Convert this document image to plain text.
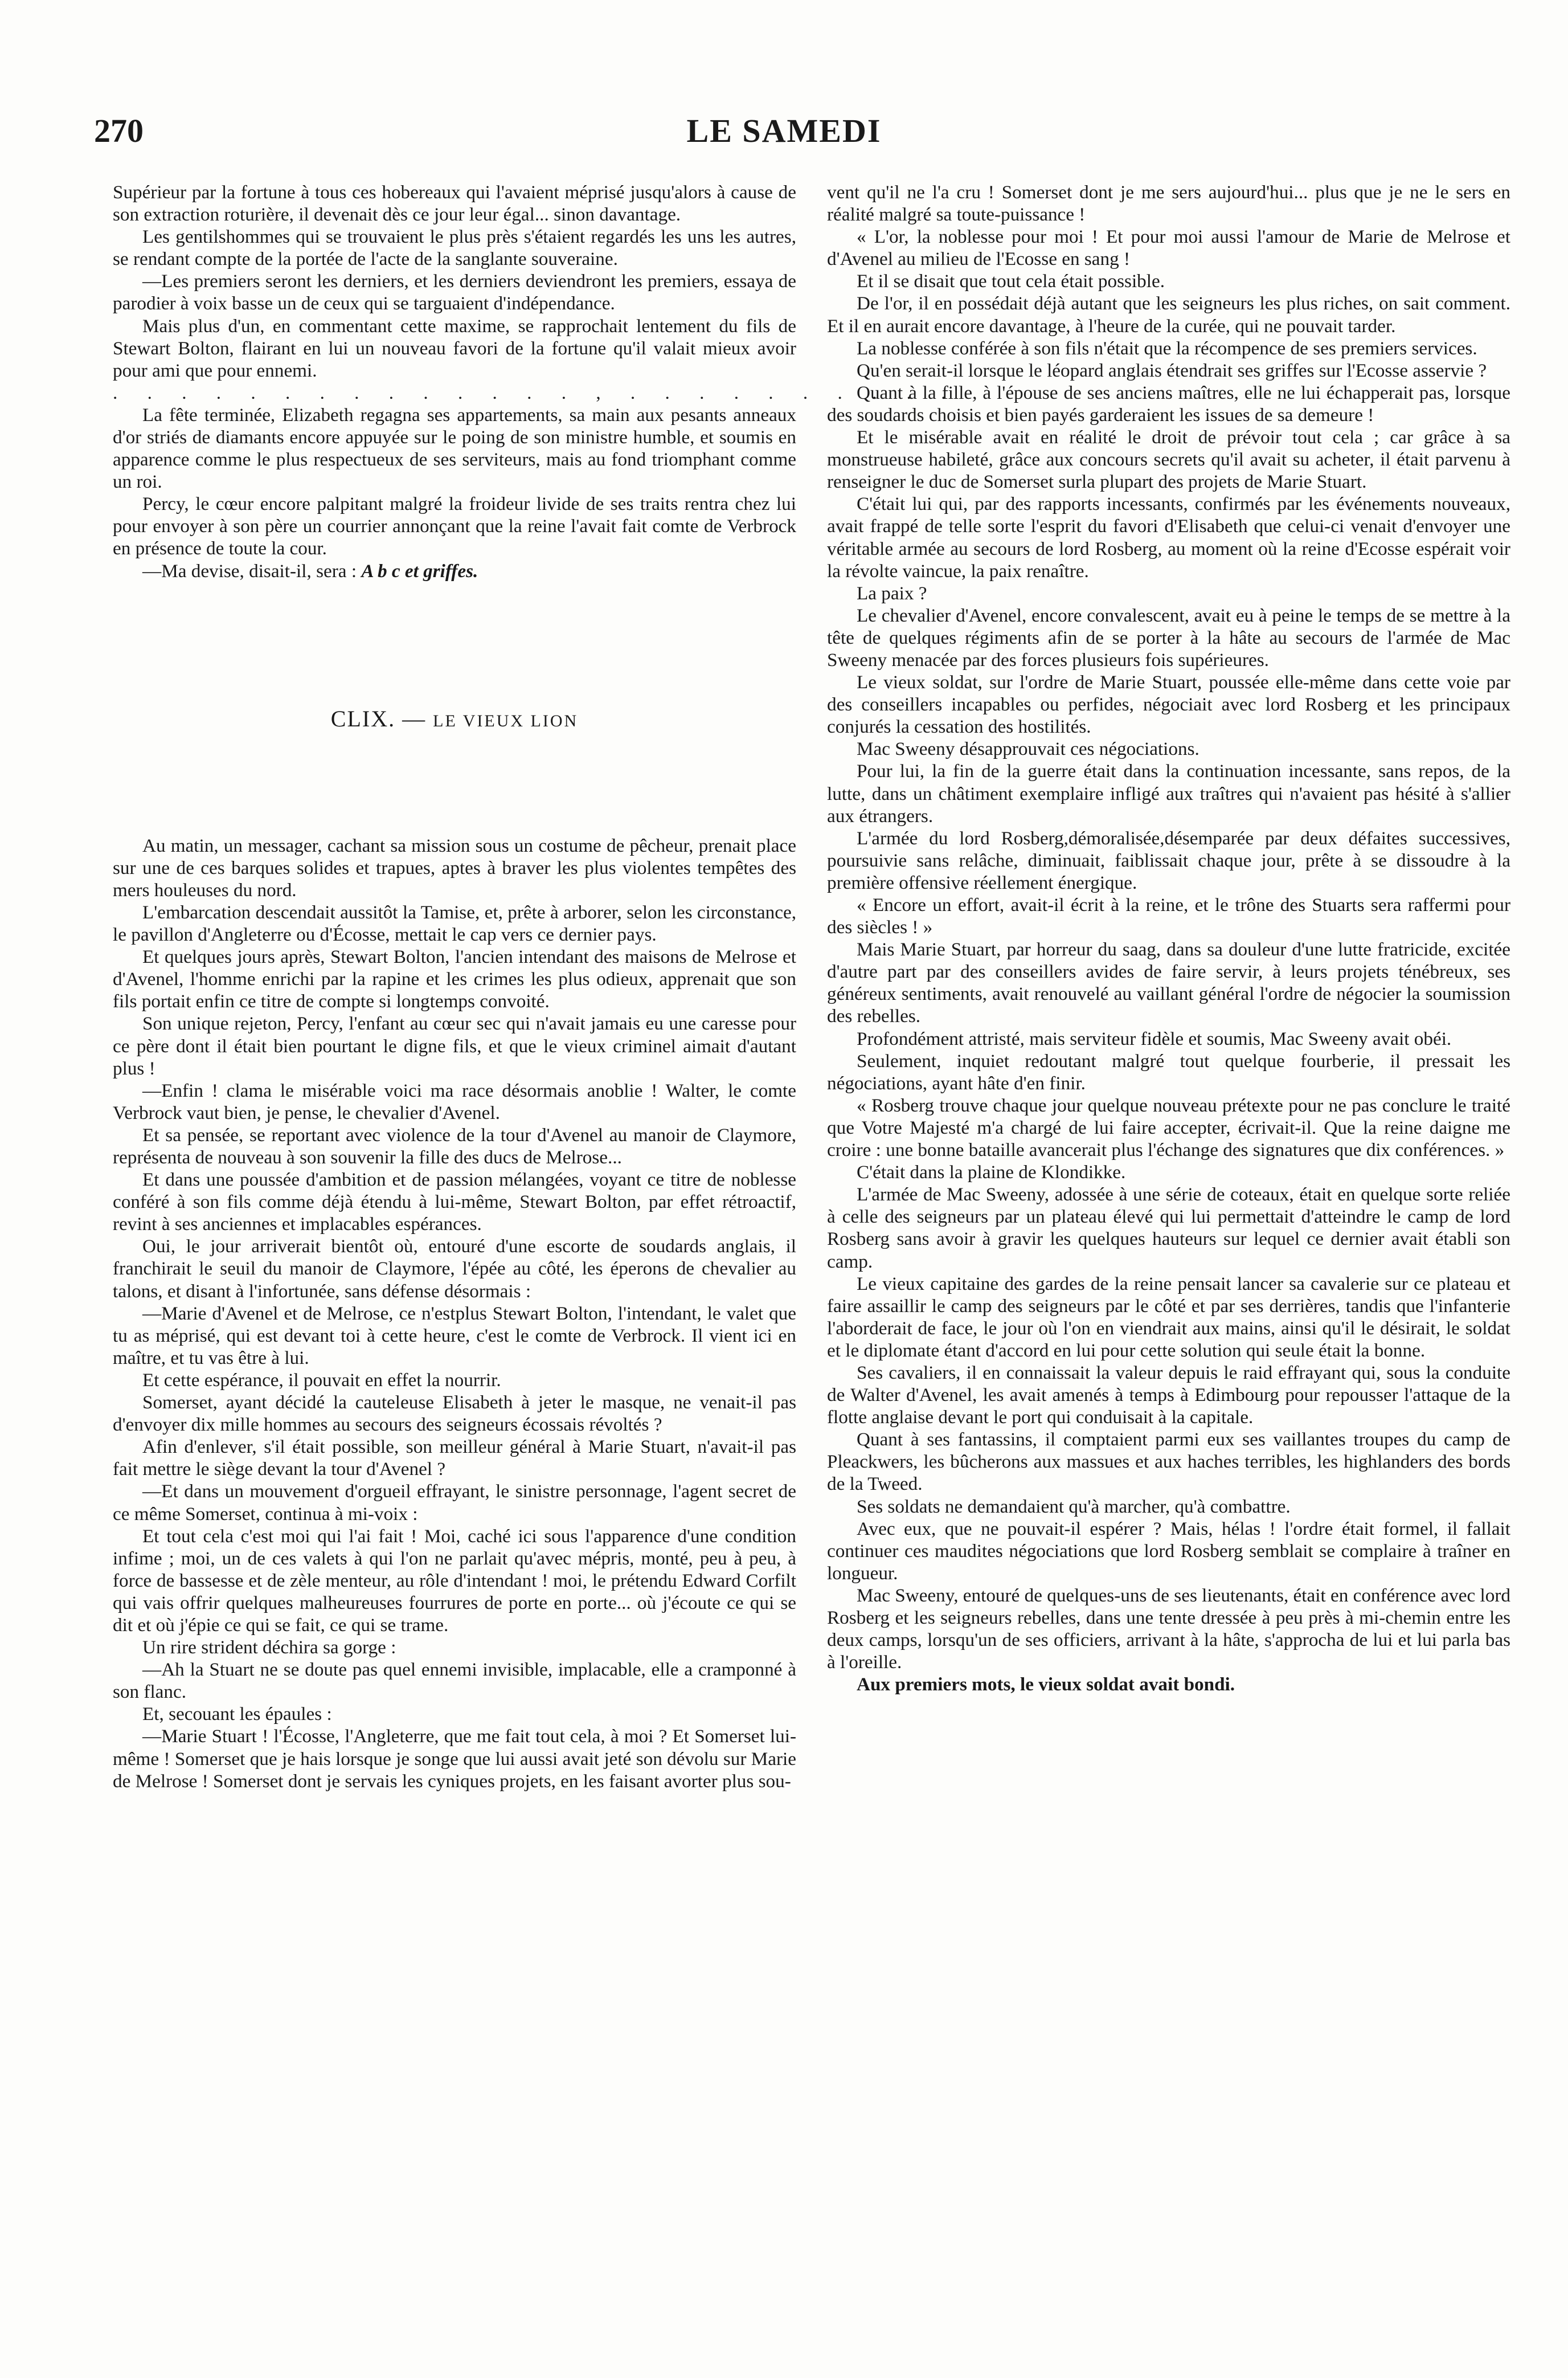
270	LE SAMEDI

Supérieur par la fortune à tous ces hobereaux qui l'avaient méprisé jusqu'alors à cause de son extraction roturière, il devenait dès ce jour leur égal... sinon davantage.

Les gentilshommes qui se trouvaient le plus près s'étaient regardés les uns les autres, se rendant compte de la portée de l'acte de la sanglante souveraine.

—Les premiers seront les derniers, et les derniers deviendront les premiers, essaya de parodier à voix basse un de ceux qui se targuaient d'indépendance.

Mais plus d'un, en commentant cette maxime, se rapprochait lentement du fils de Stewart Bolton, flairant en lui un nouveau favori de la fortune qu'il valait mieux avoir pour ami que pour ennemi.

. . . . . . . . . . . . . . , . . . . . . . . . .

La fête terminée, Elizabeth regagna ses appartements, sa main aux pesants anneaux d'or striés de diamants encore appuyée sur le poing de son ministre humble, et soumis en apparence comme le plus respectueux de ses serviteurs, mais au fond triomphant comme un roi.

Percy, le cœur encore palpitant malgré la froideur livide de ses traits rentra chez lui pour envoyer à son père un courrier annonçant que la reine l'avait fait comte de Verbrock en présence de toute la cour.

—Ma devise, disait-il, sera : A b c et griffes.

CLIX. — LE VIEUX LION

Au matin, un messager, cachant sa mission sous un costume de pêcheur, prenait place sur une de ces barques solides et trapues, aptes à braver les plus violentes tempêtes des mers houleuses du nord.

L'embarcation descendait aussitôt la Tamise, et, prête à arborer, selon les circonstance, le pavillon d'Angleterre ou d'Écosse, mettait le cap vers ce dernier pays.

Et quelques jours après, Stewart Bolton, l'ancien intendant des maisons de Melrose et d'Avenel, l'homme enrichi par la rapine et les crimes les plus odieux, apprenait que son fils portait enfin ce titre de compte si longtemps convoité.

Son unique rejeton, Percy, l'enfant au cœur sec qui n'avait jamais eu une caresse pour ce père dont il était bien pourtant le digne fils, et que le vieux criminel aimait d'autant plus !

—Enfin ! clama le misérable voici ma race désormais anoblie ! Walter, le comte Verbrock vaut bien, je pense, le chevalier d'Avenel.

Et sa pensée, se reportant avec violence de la tour d'Avenel au manoir de Claymore, représenta de nouveau à son souvenir la fille des ducs de Melrose...

Et dans une poussée d'ambition et de passion mélangées, voyant ce titre de noblesse conféré à son fils comme déjà étendu à lui-même, Stewart Bolton, par effet rétroactif, revint à ses anciennes et implacables espérances.

Oui, le jour arriverait bientôt où, entouré d'une escorte de soudards anglais, il franchirait le seuil du manoir de Claymore, l'épée au côté, les éperons de chevalier au talons, et disant à l'infortunée, sans défense désormais :

—Marie d'Avenel et de Melrose, ce n'estplus Stewart Bolton, l'intendant, le valet que tu as méprisé, qui est devant toi à cette heure, c'est le comte de Verbrock. Il vient ici en maître, et tu vas être à lui.

Et cette espérance, il pouvait en effet la nourrir.

Somerset, ayant décidé la cauteleuse Elisabeth à jeter le masque, ne venait-il pas d'envoyer dix mille hommes au secours des seigneurs écossais révoltés ?

Afin d'enlever, s'il était possible, son meilleur général à Marie Stuart, n'avait-il pas fait mettre le siège devant la tour d'Avenel ?

—Et dans un mouvement d'orgueil effrayant, le sinistre personnage, l'agent secret de ce même Somerset, continua à mi-voix :

Et tout cela c'est moi qui l'ai fait ! Moi, caché ici sous l'apparence d'une condition infime ; moi, un de ces valets à qui l'on ne parlait qu'avec mépris, monté, peu à peu, à force de bassesse et de zèle menteur, au rôle d'intendant ! moi, le prétendu Edward Corfilt qui vais offrir quelques malheureuses fourrures de porte en porte... où j'écoute ce qui se dit et où j'épie ce qui se fait, ce qui se trame.

Un rire strident déchira sa gorge :

—Ah la Stuart ne se doute pas quel ennemi invisible, implacable, elle a cramponné à son flanc.

Et, secouant les épaules :

—Marie Stuart ! l'Écosse, l'Angleterre, que me fait tout cela, à moi ? Et Somerset lui-même ! Somerset que je hais lorsque je songe que lui aussi avait jeté son dévolu sur Marie de Melrose ! Somerset dont je servais les cyniques projets, en les faisant avorter plus sou-

vent qu'il ne l'a cru ! Somerset dont je me sers aujourd'hui... plus que je ne le sers en réalité malgré sa toute-puissance !

« L'or, la noblesse pour moi ! Et pour moi aussi l'amour de Marie de Melrose et d'Avenel au milieu de l'Ecosse en sang !

Et il se disait que tout cela était possible.

De l'or, il en possédait déjà autant que les seigneurs les plus riches, on sait comment. Et il en aurait encore davantage, à l'heure de la curée, qui ne pouvait tarder.

La noblesse conférée à son fils n'était que la récompence de ses premiers services.

Qu'en serait-il lorsque le léopard anglais étendrait ses griffes sur l'Ecosse asservie ?

Quant à la fille, à l'épouse de ses anciens maîtres, elle ne lui échapperait pas, lorsque des soudards choisis et bien payés garderaient les issues de sa demeure !

Et le misérable avait en réalité le droit de prévoir tout cela ; car grâce à sa monstrueuse habileté, grâce aux concours secrets qu'il avait su acheter, il était parvenu à renseigner le duc de Somerset surla plupart des projets de Marie Stuart.

C'était lui qui, par des rapports incessants, confirmés par les événements nouveaux, avait frappé de telle sorte l'esprit du favori d'Elisabeth que celui-ci venait d'envoyer une véritable armée au secours de lord Rosberg, au moment où la reine d'Ecosse espérait voir la révolte vaincue, la paix renaître.

La paix ?

Le chevalier d'Avenel, encore convalescent, avait eu à peine le temps de se mettre à la tête de quelques régiments afin de se porter à la hâte au secours de l'armée de Mac Sweeny menacée par des forces plusieurs fois supérieures.

Le vieux soldat, sur l'ordre de Marie Stuart, poussée elle-même dans cette voie par des conseillers incapables ou perfides, négociait avec lord Rosberg et les principaux conjurés la cessation des hostilités.

Mac Sweeny désapprouvait ces négociations.

Pour lui, la fin de la guerre était dans la continuation incessante, sans repos, de la lutte, dans un châtiment exemplaire infligé aux traîtres qui n'avaient pas hésité à s'allier aux étrangers.

L'armée du lord Rosberg,démoralisée,désemparée par deux défaites successives, poursuivie sans relâche, diminuait, faiblissait chaque jour, prête à se dissoudre à la première offensive réellement énergique.

« Encore un effort, avait-il écrit à la reine, et le trône des Stuarts sera raffermi pour des siècles ! »

Mais Marie Stuart, par horreur du saag, dans sa douleur d'une lutte fratricide, excitée d'autre part par des conseillers avides de faire servir, à leurs projets ténébreux, ses généreux sentiments, avait renouvelé au vaillant général l'ordre de négocier la soumission des rebelles.

Profondément attristé, mais serviteur fidèle et soumis, Mac Sweeny avait obéi.

Seulement, inquiet redoutant malgré tout quelque fourberie, il pressait les négociations, ayant hâte d'en finir.

« Rosberg trouve chaque jour quelque nouveau prétexte pour ne pas conclure le traité que Votre Majesté m'a chargé de lui faire accepter, écrivait-il. Que la reine daigne me croire : une bonne bataille avancerait plus l'échange des signatures que dix conférences. »

C'était dans la plaine de Klondikke.

L'armée de Mac Sweeny, adossée à une série de coteaux, était en quelque sorte reliée à celle des seigneurs par un plateau élevé qui lui permettait d'atteindre le camp de lord Rosberg sans avoir à gravir les quelques hauteurs sur lequel ce dernier avait établi son camp.

Le vieux capitaine des gardes de la reine pensait lancer sa cavalerie sur ce plateau et faire assaillir le camp des seigneurs par le côté et par ses derrières, tandis que l'infanterie l'aborderait de face, le jour où l'on en viendrait aux mains, ainsi qu'il le désirait, le soldat et le diplomate étant d'accord en lui pour cette solution qui seule était la bonne.

Ses cavaliers, il en connaissait la valeur depuis le raid effrayant qui, sous la conduite de Walter d'Avenel, les avait amenés à temps à Edimbourg pour repousser l'attaque de la flotte anglaise devant le port qui conduisait à la capitale.

Quant à ses fantassins, il comptaient parmi eux ses vaillantes troupes du camp de Pleackwers, les bûcherons aux massues et aux haches terribles, les highlanders des bords de la Tweed.

Ses soldats ne demandaient qu'à marcher, qu'à combattre.

Avec eux, que ne pouvait-il espérer ? Mais, hélas ! l'ordre était formel, il fallait continuer ces maudites négociations que lord Rosberg semblait se complaire à traîner en longueur.

Mac Sweeny, entouré de quelques-uns de ses lieutenants, était en conférence avec lord Rosberg et les seigneurs rebelles, dans une tente dressée à peu près à mi-chemin entre les deux camps, lorsqu'un de ses officiers, arrivant à la hâte, s'approcha de lui et lui parla bas à l'oreille.

Aux premiers mots, le vieux soldat avait bondi.
